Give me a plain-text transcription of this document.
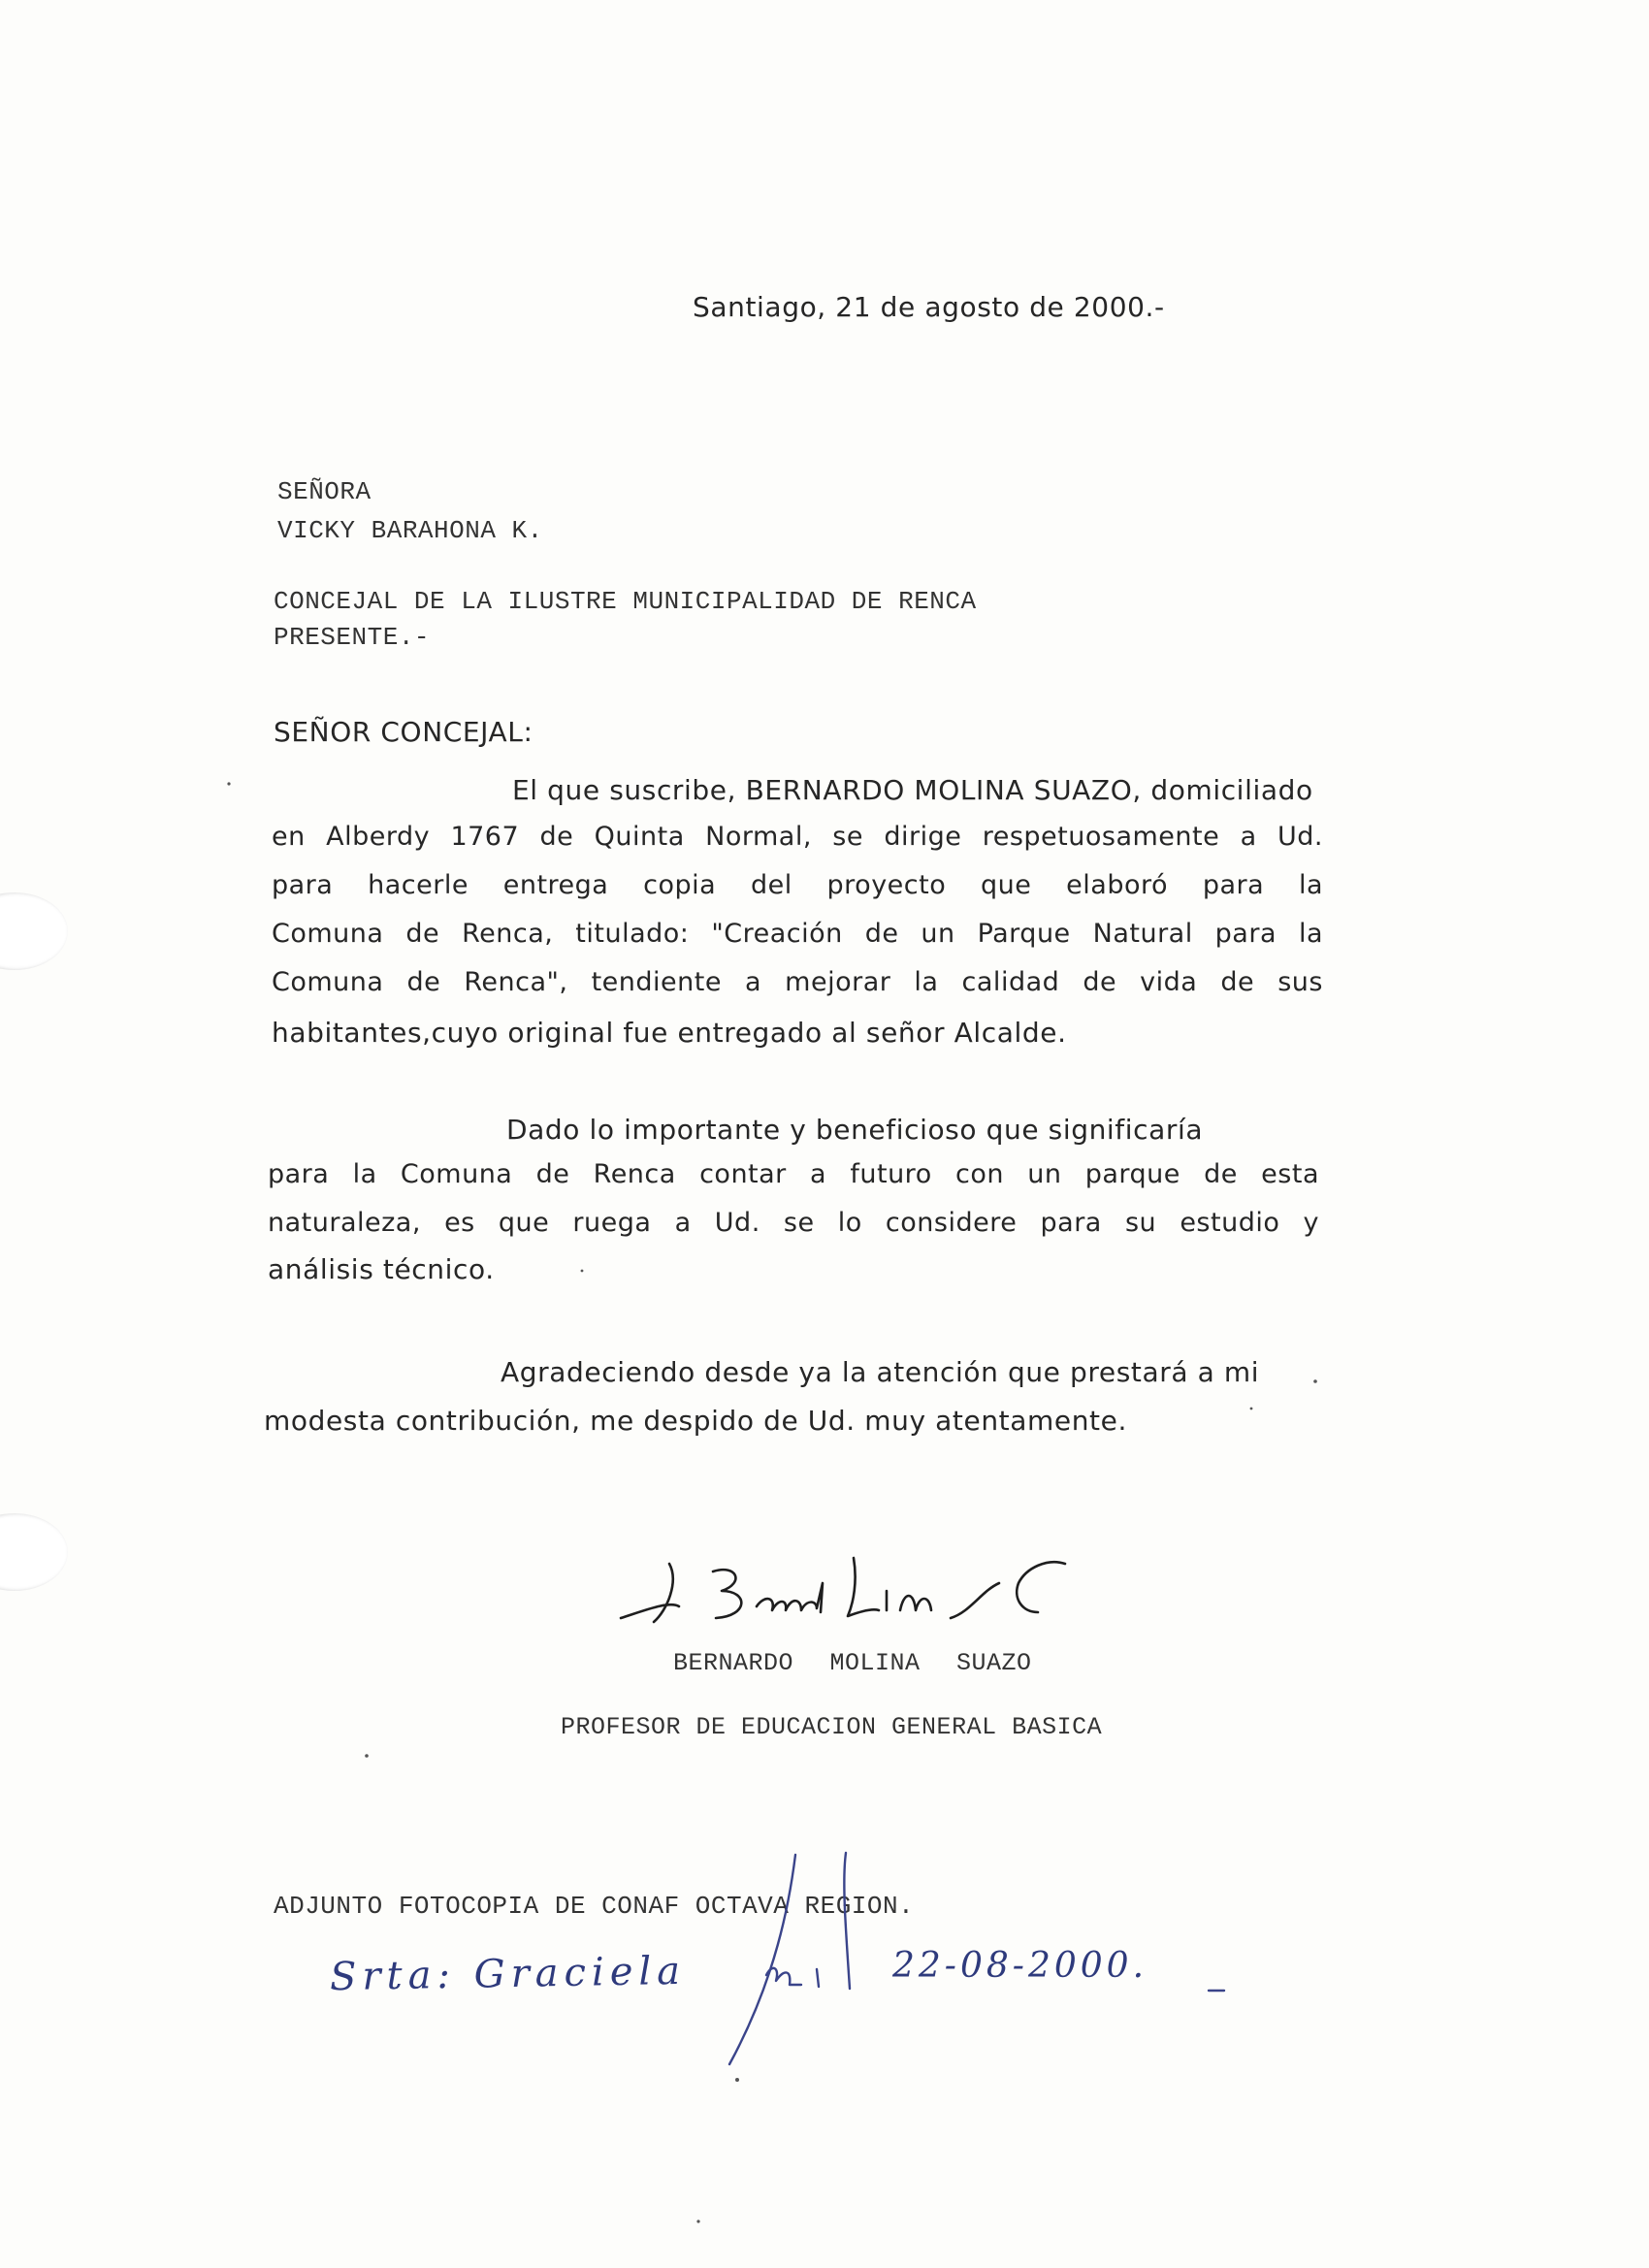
Santiago, 21 de agosto de 2000.-
SEÑORA
VICKY BARAHONA K.
CONCEJAL DE LA ILUSTRE MUNICIPALIDAD DE RENCA
PRESENTE.-
SEÑOR CONCEJAL:
El que suscribe, BERNARDO MOLINA SUAZO, domiciliado
en Alberdy 1767 de Quinta Normal, se dirige respetuosamente a Ud.
para hacerle entrega copia del proyecto que elaboró para la
Comuna de Renca, titulado: "Creación de un Parque Natural para la
Comuna de Renca", tendiente a mejorar la calidad de vida de sus
habitantes,cuyo original fue entregado al señor Alcalde.
Dado lo importante y beneficioso que significaría
para la Comuna de Renca contar a futuro con un parque de esta
naturaleza, es que ruega a Ud. se lo considere para su estudio y
análisis técnico.
Agradeciendo desde ya la atención que prestará a mi
modesta contribución, me despido de Ud. muy atentamente.
BERNARDO MOLINA SUAZO
PROFESOR DE EDUCACION GENERAL BASICA
ADJUNTO FOTOCOPIA DE CONAF OCTAVA REGION.
Srta: Graciela	22-08-2000.
